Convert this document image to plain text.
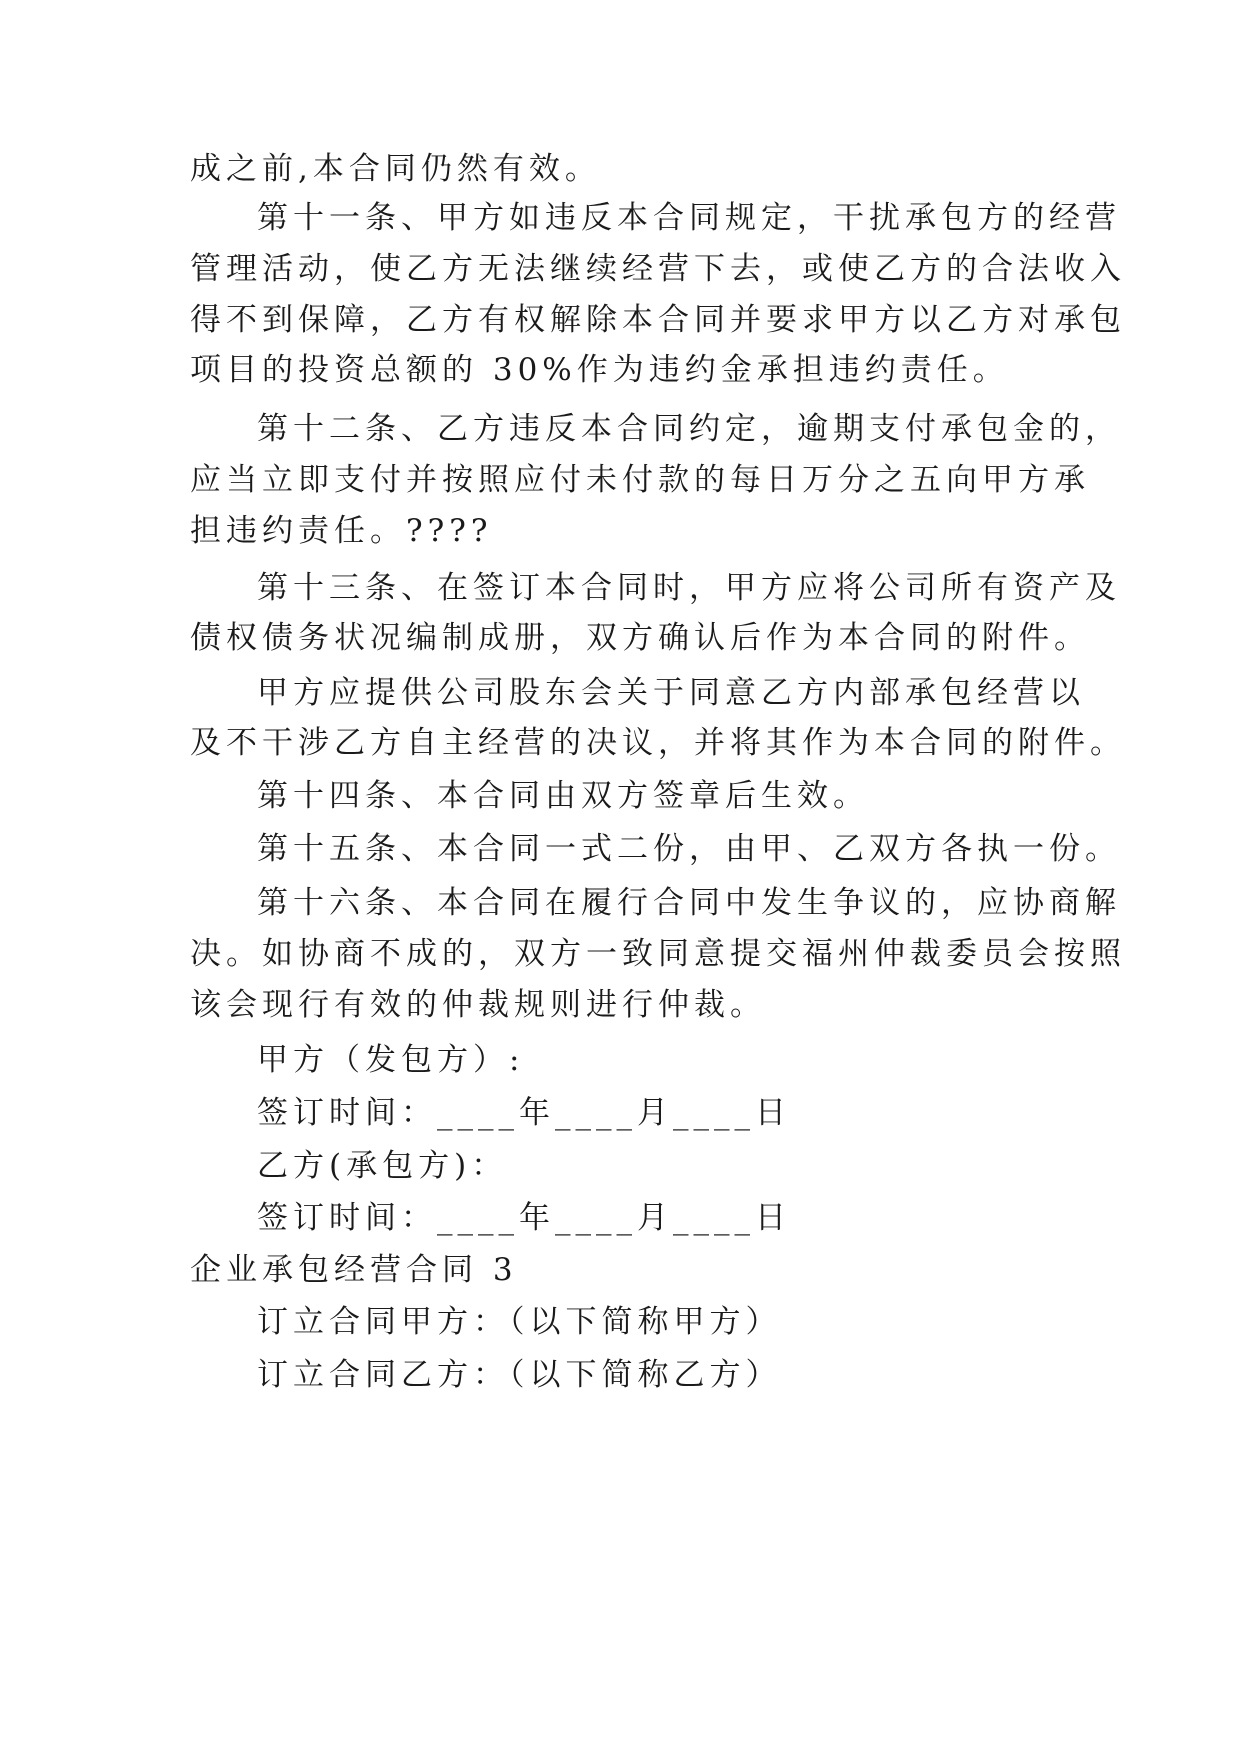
成之前,本合同仍然有效。
第十一条、甲方如违反本合同规定，干扰承包方的经营
管理活动，使乙方无法继续经营下去，或使乙方的合法收入
得不到保障，乙方有权解除本合同并要求甲方以乙方对承包
项目的投资总额的 30%作为违约金承担违约责任。
第十二条、乙方违反本合同约定，逾期支付承包金的，
应当立即支付并按照应付未付款的每日万分之五向甲方承
担违约责任。????
第十三条、在签订本合同时，甲方应将公司所有资产及
债权债务状况编制成册，双方确认后作为本合同的附件。
甲方应提供公司股东会关于同意乙方内部承包经营以
及不干涉乙方自主经营的决议，并将其作为本合同的附件。
第十四条、本合同由双方签章后生效。
第十五条、本合同一式二份，由甲、乙双方各执一份。
第十六条、本合同在履行合同中发生争议的，应协商解
决。如协商不成的，双方一致同意提交福州仲裁委员会按照
该会现行有效的仲裁规则进行仲裁。
甲方（发包方）:
签订时间：____年____月____日
乙方(承包方)：
签订时间：____年____月____日
企业承包经营合同 3
订立合同甲方：（以下简称甲方）
订立合同乙方：（以下简称乙方）
